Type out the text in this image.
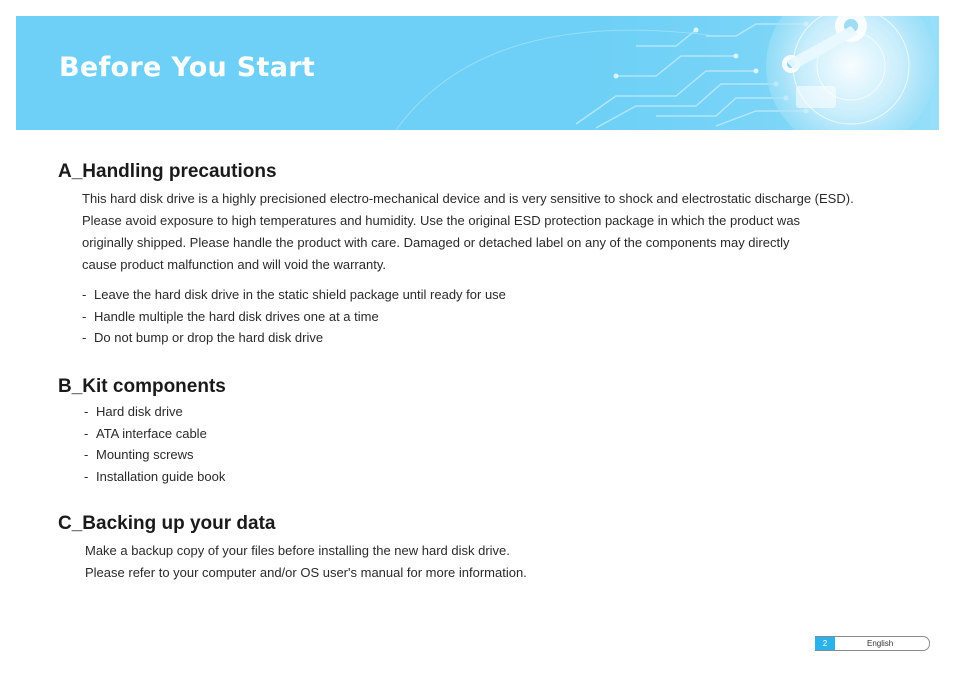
Before You Start
A_Handling precautions

This hard disk drive is a highly precisioned electro-mechanical device and is very sensitive to shock and electrostatic discharge (ESD).

Please avoid exposure to high temperatures and humidity. Use the original ESD protection package in which the product was

originally shipped. Please handle the product with care. Damaged or detached label on any of the components may directly

cause product malfunction and will void the warranty.

- Leave the hard disk drive in the static shield package until ready for use
- Handle multiple the hard disk drives one at a time
- Do not bump or drop the hard disk drive
B_Kit components
- Hard disk drive
- ATA interface cable
- Mounting screws
- Installation guide book
C_Backing up your data

Make a backup copy of your files before installing the new hard disk drive.

Please refer to your computer and/or OS user's manual for more information.

2	English
